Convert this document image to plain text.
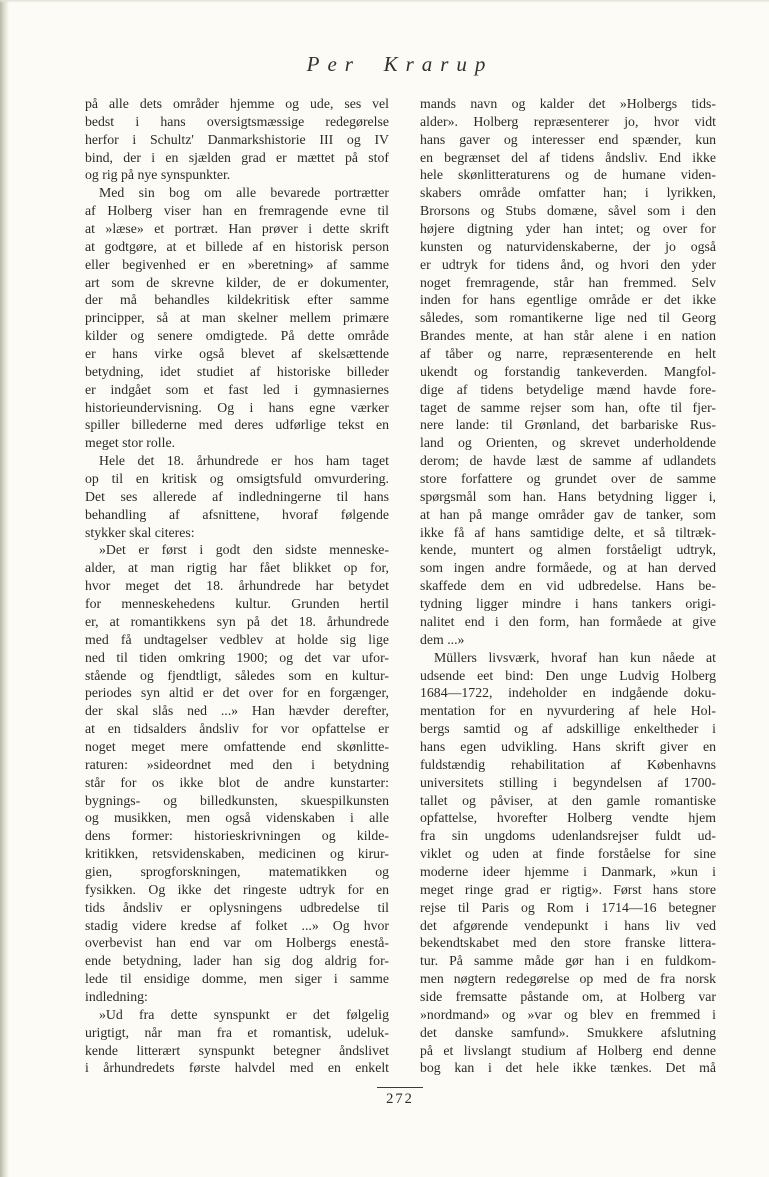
Per Krarup
på alle dets områder hjemme og ude, ses vel
bedst i hans oversigtsmæssige redegørelse
herfor i Schultz' Danmarkshistorie III og IV
bind, der i en sjælden grad er mættet på stof
og rig på nye synspunkter.
Med sin bog om alle bevarede portrætter
af Holberg viser han en fremragende evne til
at »læse» et portræt. Han prøver i dette skrift
at godtgøre, at et billede af en historisk person
eller begivenhed er en »beretning» af samme
art som de skrevne kilder, de er dokumenter,
der må behandles kildekritisk efter samme
principper, så at man skelner mellem primære
kilder og senere omdigtede. På dette område
er hans virke også blevet af skelsættende
betydning, idet studiet af historiske billeder
er indgået som et fast led i gymnasiernes
historieundervisning. Og i hans egne værker
spiller billederne med deres udførlige tekst en
meget stor rolle.
Hele det 18. århundrede er hos ham taget
op til en kritisk og omsigtsfuld omvurdering.
Det ses allerede af indledningerne til hans
behandling af afsnittene, hvoraf følgende
stykker skal citeres:
»Det er først i godt den sidste menneske-
alder, at man rigtig har fået blikket op for,
hvor meget det 18. århundrede har betydet
for menneskehedens kultur. Grunden hertil
er, at romantikkens syn på det 18. århundrede
med få undtagelser vedblev at holde sig lige
ned til tiden omkring 1900; og det var ufor-
stående og fjendtligt, således som en kultur-
periodes syn altid er det over for en forgænger,
der skal slås ned ...» Han hævder derefter,
at en tidsalders åndsliv for vor opfattelse er
noget meget mere omfattende end skønlitte-
raturen: »sideordnet med den i betydning
står for os ikke blot de andre kunstarter:
bygnings- og billedkunsten, skuespilkunsten
og musikken, men også videnskaben i alle
dens former: historieskrivningen og kilde-
kritikken, retsvidenskaben, medicinen og kirur-
gien, sprogforskningen, matematikken og
fysikken. Og ikke det ringeste udtryk for en
tids åndsliv er oplysningens udbredelse til
stadig videre kredse af folket ...» Og hvor
overbevist han end var om Holbergs enestå-
ende betydning, lader han sig dog aldrig for-
lede til ensidige domme, men siger i samme
indledning:
»Ud fra dette synspunkt er det følgelig
urigtigt, når man fra et romantisk, udeluk-
kende litterært synspunkt betegner åndslivet
i århundredets første halvdel med en enkelt
mands navn og kalder det »Holbergs tids-
alder». Holberg repræsenterer jo, hvor vidt
hans gaver og interesser end spænder, kun
en begrænset del af tidens åndsliv. End ikke
hele skønlitteraturens og de humane viden-
skabers område omfatter han; i lyrikken,
Brorsons og Stubs domæne, såvel som i den
højere digtning yder han intet; og over for
kunsten og naturvidenskaberne, der jo også
er udtryk for tidens ånd, og hvori den yder
noget fremragende, står han fremmed. Selv
inden for hans egentlige område er det ikke
således, som romantikerne lige ned til Georg
Brandes mente, at han står alene i en nation
af tåber og narre, repræsenterende en helt
ukendt og forstandig tankeverden. Mangfol-
dige af tidens betydelige mænd havde fore-
taget de samme rejser som han, ofte til fjer-
nere lande: til Grønland, det barbariske Rus-
land og Orienten, og skrevet underholdende
derom; de havde læst de samme af udlandets
store forfattere og grundet over de samme
spørgsmål som han. Hans betydning ligger i,
at han på mange områder gav de tanker, som
ikke få af hans samtidige delte, et så tiltræk-
kende, muntert og almen forståeligt udtryk,
som ingen andre formåede, og at han derved
skaffede dem en vid udbredelse. Hans be-
tydning ligger mindre i hans tankers origi-
nalitet end i den form, han formåede at give
dem ...»
Müllers livsværk, hvoraf han kun nåede at
udsende eet bind: Den unge Ludvig Holberg
1684—1722, indeholder en indgående doku-
mentation for en nyvurdering af hele Hol-
bergs samtid og af adskillige enkeltheder i
hans egen udvikling. Hans skrift giver en
fuldstændig rehabilitation af Københavns
universitets stilling i begyndelsen af 1700-
tallet og påviser, at den gamle romantiske
opfattelse, hvorefter Holberg vendte hjem
fra sin ungdoms udenlandsrejser fuldt ud-
viklet og uden at finde forståelse for sine
moderne ideer hjemme i Danmark, »kun i
meget ringe grad er rigtig». Først hans store
rejse til Paris og Rom i 1714—16 betegner
det afgørende vendepunkt i hans liv ved
bekendtskabet med den store franske littera-
tur. På samme måde gør han i en fuldkom-
men nøgtern redegørelse op med de fra norsk
side fremsatte påstande om, at Holberg var
»nordmand» og »var og blev en fremmed i
det danske samfund». Smukkere afslutning
på et livslangt studium af Holberg end denne
bog kan i det hele ikke tænkes. Det må
272
